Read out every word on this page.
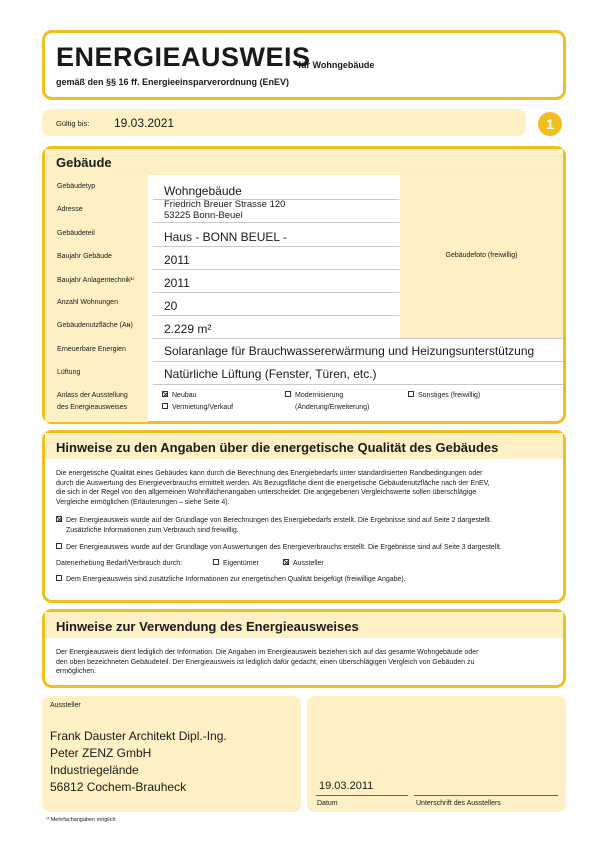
ENERGIEAUSWEIS
für Wohngebäude
gemäß den §§ 16 ff. Energieeinsparverordnung (EnEV)
Gültig bis: 19.03.2021	1
Gebäude
Gebäudefoto (freiwillig)
Gebäudetyp	Wohngebäude
Adresse	Friedrich Breuer Strasse 120
53225 Bonn-Beuel
Gebäudeteil	Haus - BONN BEUEL -
Baujahr Gebäude	2011
Baujahr Anlagentechnik¹⁾	2011
Anzahl Wohnungen	20
Gebäudenutzfläche (Aɴ)	2.229 m²
Erneuerbare Energien	Solaranlage für Brauchwassererwärmung und Heizungsunterstützung
Lüftung	Natürliche Lüftung (Fenster, Türen, etc.)
Anlass der Ausstellung
des Energieausweises
Neubau
Vermietung/Verkauf
Modernisierung
(Änderung/Erweiterung)
Sonstiges (freiwillig)
Hinweise zu den Angaben über die energetische Qualität des Gebäudes
Die energetische Qualität eines Gebäudes kann durch die Berechnung des Energiebedarfs unter standardisierten Randbedingungen oder
durch die Auswertung des Energieverbrauchs ermittelt werden. Als Bezugsfläche dient die energetische Gebäudenutzfläche nach der EnEV,
die sich in der Regel von den allgemeinen Wohnflächenangaben unterscheidet. Die angegebenen Vergleichswerte sollen überschlägige
Vergleiche ermöglichen (Erläuterungen – siehe Seite 4).
Der Energieausweis wurde auf der Grundlage von Berechnungen des Energiebedarfs erstellt. Die Ergebnisse sind auf Seite 2 dargestellt.
Zusätzliche Informationen zum Verbrauch sind freiwillig.
Der Energieausweis wurde auf der Grundlage von Auswertungen des Energieverbrauchs erstellt. Die Ergebnisse sind auf Seite 3 dargestellt.
Datenerhebung Bedarf/Verbrauch durch:	Eigentümer	Aussteller
Dem Energieausweis sind zusätzliche Informationen zur energetischen Qualität beigefügt (freiwillige Angabe).
Hinweise zur Verwendung des Energieausweises
Der Energieausweis dient lediglich der Information. Die Angaben im Energieausweis beziehen sich auf das gesamte Wohngebäude oder
den oben bezeichneten Gebäudeteil. Der Energieausweis ist lediglich dafür gedacht, einen überschlägigen Vergleich von Gebäuden zu
ermöglichen.
Aussteller
Frank Dauster Architekt Dipl.-Ing.
Peter ZENZ GmbH
Industriegelände
56812 Cochem-Brauheck	19.03.2011
Datum	Unterschrift des Ausstellers
¹⁾ Mehrfachangaben möglich
